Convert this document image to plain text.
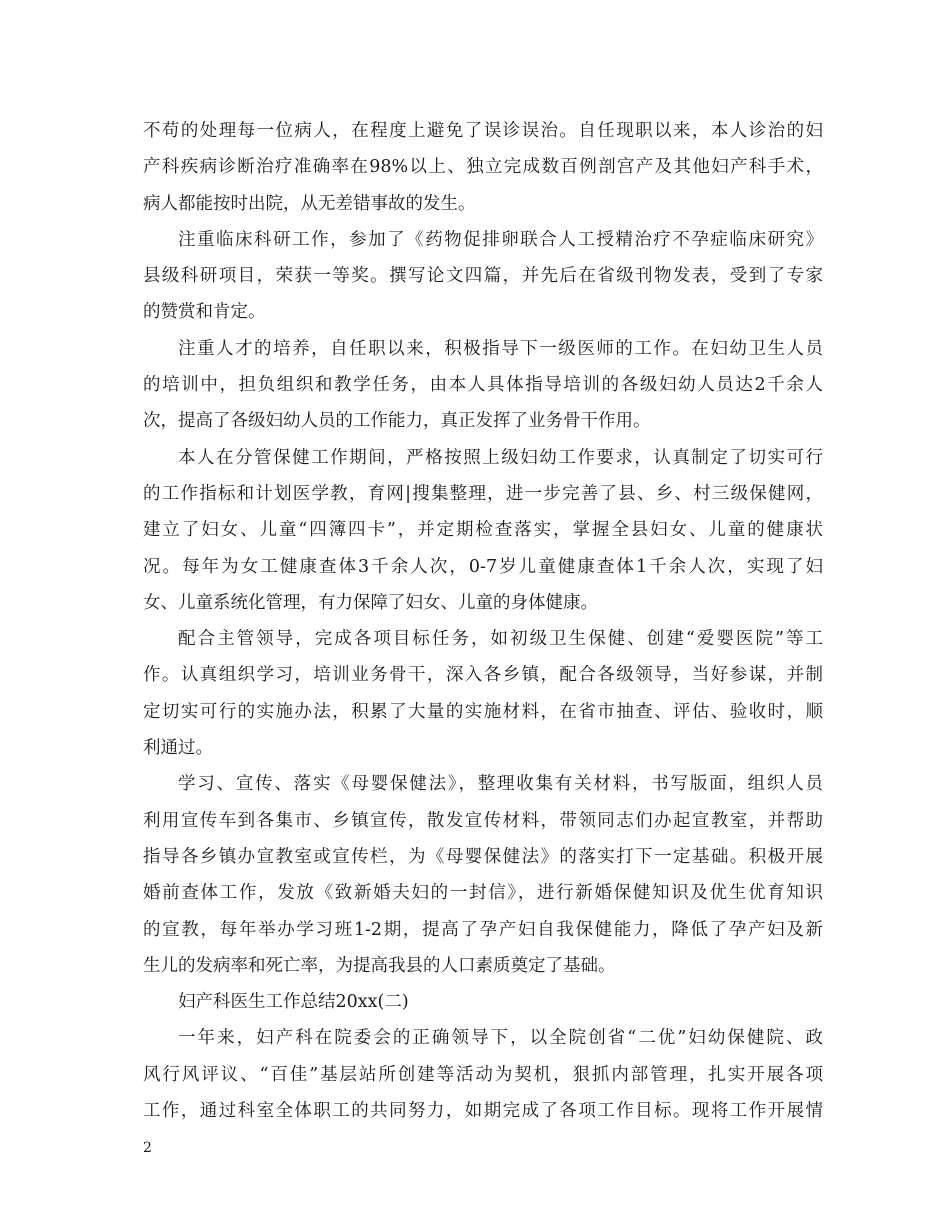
不苟的处理每一位病人，在程度上避免了误诊误治。自任现职以来，本人诊治的妇
产科疾病诊断治疗准确率在98%以上、独立完成数百例剖宫产及其他妇产科手术，
病人都能按时出院，从无差错事故的发生。
注重临床科研工作，参加了《药物促排卵联合人工授精治疗不孕症临床研究》
县级科研项目，荣获一等奖。撰写论文四篇，并先后在省级刊物发表，受到了专家
的赞赏和肯定。
注重人才的培养，自任职以来，积极指导下一级医师的工作。在妇幼卫生人员
的培训中，担负组织和教学任务，由本人具体指导培训的各级妇幼人员达2千余人
次，提高了各级妇幼人员的工作能力，真正发挥了业务骨干作用。
本人在分管保健工作期间，严格按照上级妇幼工作要求，认真制定了切实可行
的工作指标和计划医学教，育网|搜集整理，进一步完善了县、乡、村三级保健网，
建立了妇女、儿童“四簿四卡”，并定期检查落实，掌握全县妇女、儿童的健康状
况。每年为女工健康查体3千余人次，0-7岁儿童健康查体1千余人次，实现了妇
女、儿童系统化管理，有力保障了妇女、儿童的身体健康。
配合主管领导，完成各项目标任务，如初级卫生保健、创建“爱婴医院”等工
作。认真组织学习，培训业务骨干，深入各乡镇，配合各级领导，当好参谋，并制
定切实可行的实施办法，积累了大量的实施材料，在省市抽查、评估、验收时，顺
利通过。
学习、宣传、落实《母婴保健法》，整理收集有关材料，书写版面，组织人员
利用宣传车到各集市、乡镇宣传，散发宣传材料，带领同志们办起宣教室，并帮助
指导各乡镇办宣教室或宣传栏，为《母婴保健法》的落实打下一定基础。积极开展
婚前查体工作，发放《致新婚夫妇的一封信》，进行新婚保健知识及优生优育知识
的宣教，每年举办学习班1-2期，提高了孕产妇自我保健能力，降低了孕产妇及新
生儿的发病率和死亡率，为提高我县的人口素质奠定了基础。
妇产科医生工作总结20xx(二)
一年来，妇产科在院委会的正确领导下，以全院创省“二优”妇幼保健院、政
风行风评议、“百佳”基层站所创建等活动为契机，狠抓内部管理，扎实开展各项
工作，通过科室全体职工的共同努力，如期完成了各项工作目标。现将工作开展情
2
